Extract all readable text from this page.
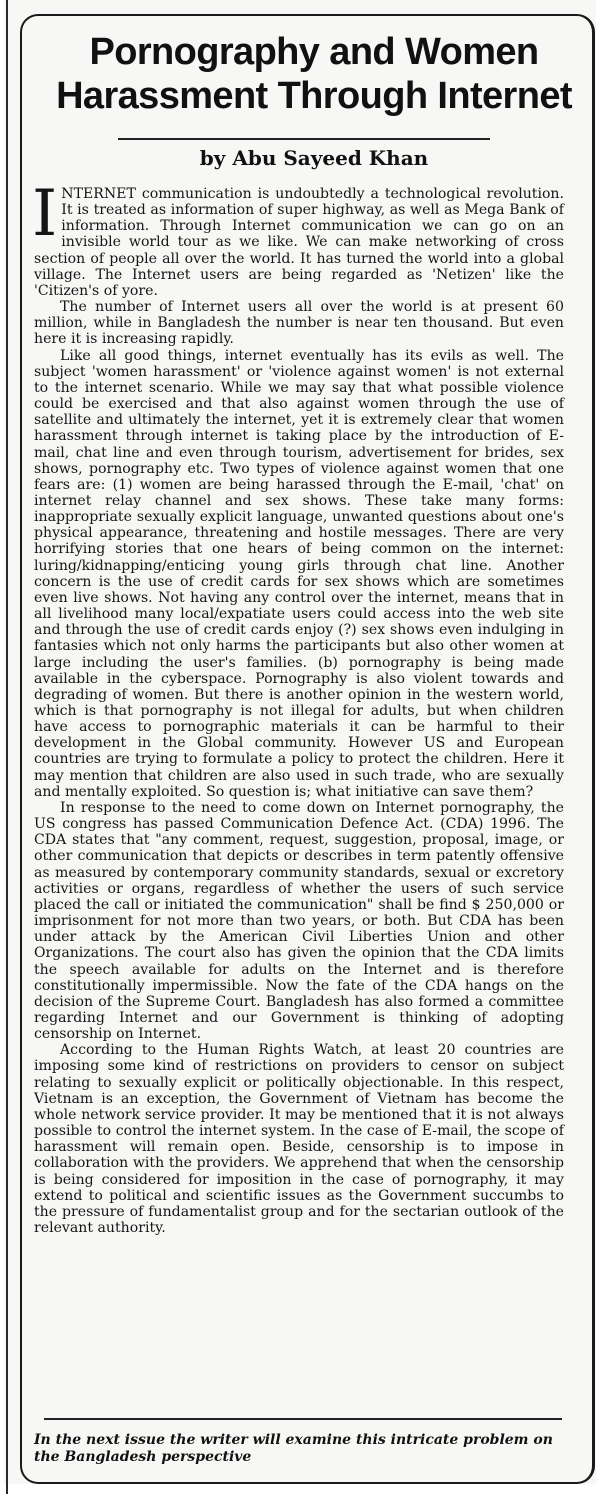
Pornography and Women
Harassment Through Internet
by Abu Sayeed Khan

INTERNET communication is undoubtedly a technological revolution. It is treated as information of super highway, as well as Mega Bank of information. Through Internet communication we can go on an invisible world tour as we like. We can make networking of cross section of people all over the world. It has turned the world into a global village. The Internet users are being regarded as 'Netizen' like the 'Citizen's of yore.

The number of Internet users all over the world is at present 60 million, while in Bangladesh the number is near ten thousand. But even here it is increasing rapidly.

Like all good things, internet eventually has its evils as well. The subject 'women harassment' or 'violence against women' is not external to the internet scenario. While we may say that what possible violence could be exercised and that also against women through the use of satellite and ultimately the internet, yet it is extremely clear that women harassment through internet is taking place by the introduction of E-mail, chat line and even through tourism, advertisement for brides, sex shows, pornography etc. Two types of violence against women that one fears are: (1) women are being harassed through the E-mail, 'chat' on internet relay channel and sex shows. These take many forms: inappropriate sexually explicit language, unwanted questions about one's physical appearance, threatening and hostile messages. There are very horrifying stories that one hears of being common on the internet: luring/kidnapping/enticing young girls through chat line. Another concern is the use of credit cards for sex shows which are sometimes even live shows. Not having any control over the internet, means that in all livelihood many local/expatiate users could access into the web site and through the use of credit cards enjoy (?) sex shows even indulging in fantasies which not only harms the participants but also other women at large including the user's families. (b) pornography is being made available in the cyberspace. Pornography is also violent towards and degrading of women. But there is another opinion in the western world, which is that pornography is not illegal for adults, but when children have access to pornographic materials it can be harmful to their development in the Global community. However US and European countries are trying to formulate a policy to protect the children. Here it may mention that children are also used in such trade, who are sexually and mentally exploited. So question is; what initiative can save them?

In response to the need to come down on Internet pornography, the US congress has passed Communication Defence Act. (CDA) 1996. The CDA states that "any comment, request, suggestion, proposal, image, or other communication that depicts or describes in term patently offensive as measured by contemporary community standards, sexual or excretory activities or organs, regardless of whether the users of such service placed the call or initiated the communication" shall be find $ 250,000 or imprisonment for not more than two years, or both. But CDA has been under attack by the American Civil Liberties Union and other Organizations. The court also has given the opinion that the CDA limits the speech available for adults on the Internet and is therefore constitutionally impermissible. Now the fate of the CDA hangs on the decision of the Supreme Court. Bangladesh has also formed a committee regarding Internet and our Government is thinking of adopting censorship on Internet.

According to the Human Rights Watch, at least 20 countries are imposing some kind of restrictions on providers to censor on subject relating to sexually explicit or politically objectionable. In this respect, Vietnam is an exception, the Government of Vietnam has become the whole network service provider. It may be mentioned that it is not always possible to control the internet system. In the case of E-mail, the scope of harassment will remain open. Beside, censorship is to impose in collaboration with the providers. We apprehend that when the censorship is being considered for imposition in the case of pornography, it may extend to political and scientific issues as the Government succumbs to the pressure of fundamentalist group and for the sectarian outlook of the relevant authority.

In the next issue the writer will examine this intricate problem on the Bangladesh perspective
